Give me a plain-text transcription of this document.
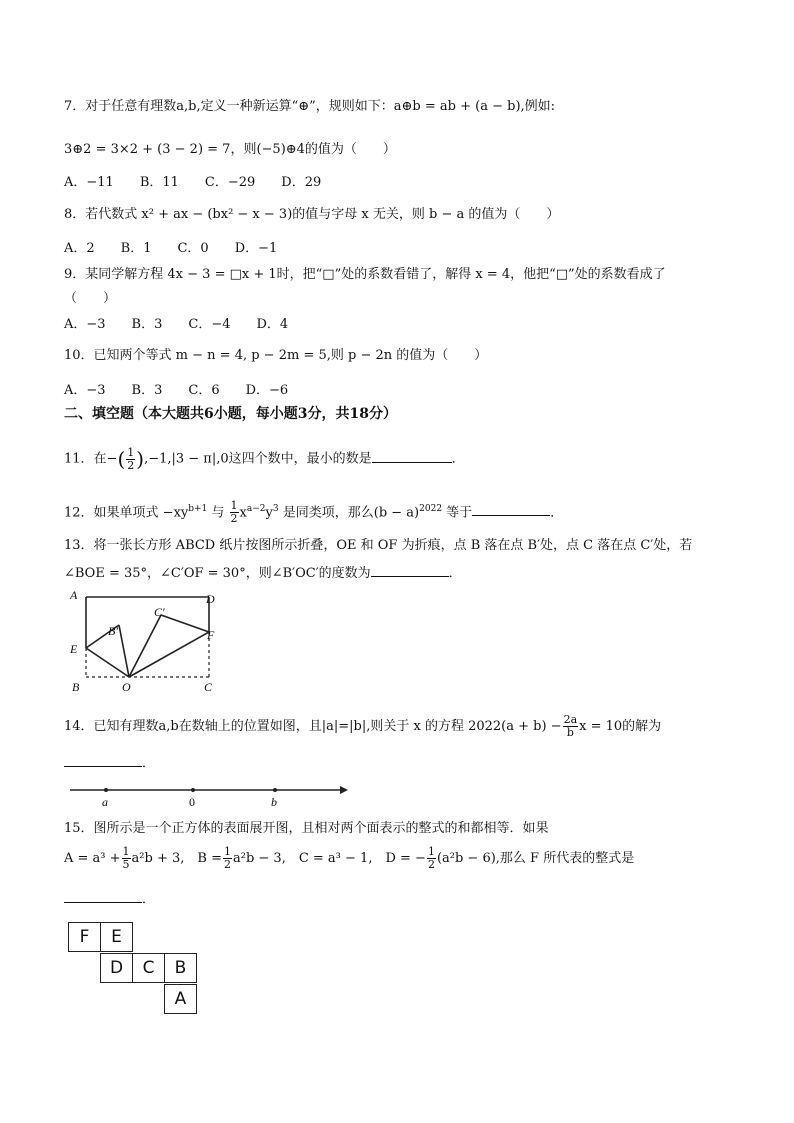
7．对于任意有理数a,b,定义一种新运算“⊕”，规则如下：a⊕b = ab + (a − b),例如:
3⊕2 = 3×2 + (3 − 2) = 7，则(−5)⊕4的值为（　　）
A．−11　　B．11　　C．−29　　D．29
8．若代数式 x² + ax − (bx² − x − 3)的值与字母 x 无关，则 b − a 的值为（　　）
A．2　　B．1　　C．0　　D．−1
9．某同学解方程 4x − 3 = □x + 1时，把“□”处的系数看错了，解得 x = 4，他把“□”处的系数看成了
（　　）
A．−3　　B．3　　C．−4　　D．4
10．已知两个等式 m − n = 4, p − 2m = 5,则 p − 2n 的值为（　　）
A．−3　　B．3　　C．6　　D．−6
二、填空题（本大题共6小题，每小题3分，共18分）
11．在−( $\frac{1}{2} ),-1,|3 - \pi|,0$这四个数中，最小的数是	．
12．如果单项式 $-xy^{b+1}$ 与 $\frac{1}{2} x^{a-2}y^3$ 是同类项，那么$(b - a)^{2022}$ 等于	．
13．将一张长方形 ABCD 纸片按图所示折叠，OE 和 OF 为折痕，点 B 落在点 B′处，点 C 落在点 C′处，若
∠BOE = 35°，∠C′OF = 30°，则∠B′OC′的度数为	．
A	D
C′
B′	F
E
B	O	C
14．已知有理数a,b在数轴上的位置如图，且|a|=|b|,则关于 x 的方程 $2022(a + b) - \frac{2a}{b}$ x = 10的解为
．
a	0	b
15．图所示是一个正方体的表面展开图，且相对两个面表示的整式的和都相等．如果
$A = a^3 + \frac{1}{5} a^2b + 3$,　$B = \frac{1}{2} a^2b - 3$,　C = a³ − 1,　D = − $\frac{1}{2} (a^2b - 6)$,那么 F 所代表的整式是
．
F	E
D	C	B
A
